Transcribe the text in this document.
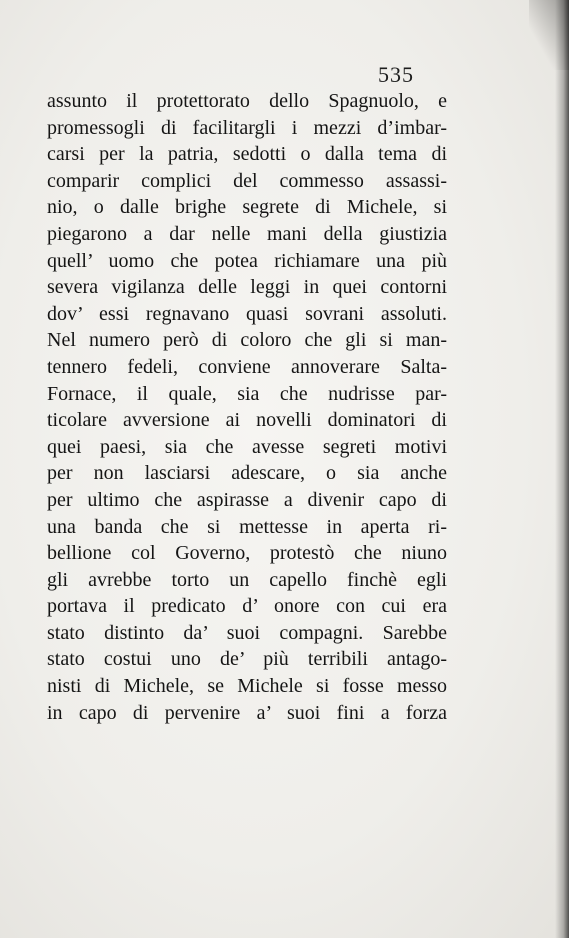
535
assunto il protettorato dello Spagnuolo, e
promessogli di facilitargli i mezzi d’imbar-
carsi per la patria, sedotti o dalla tema di
comparir complici del commesso assassi-
nio, o dalle brighe segrete di Michele, si
piegarono a dar nelle mani della giustizia
quell’ uomo che potea richiamare una più
severa vigilanza delle leggi in quei contorni
dov’ essi regnavano quasi sovrani assoluti.
Nel numero però di coloro che gli si man-
tennero fedeli, conviene annoverare Salta-
Fornace, il quale, sia che nudrisse par-
ticolare avversione ai novelli dominatori di
quei paesi, sia che avesse segreti motivi
per non lasciarsi adescare, o sia anche
per ultimo che aspirasse a divenir capo di
una banda che si mettesse in aperta ri-
bellione col Governo, protestò che niuno
gli avrebbe torto un capello finchè egli
portava il predicato d’ onore con cui era
stato distinto da’ suoi compagni. Sarebbe
stato costui uno de’ più terribili antago-
nisti di Michele, se Michele si fosse messo
in capo di pervenire a’ suoi fini a forza
